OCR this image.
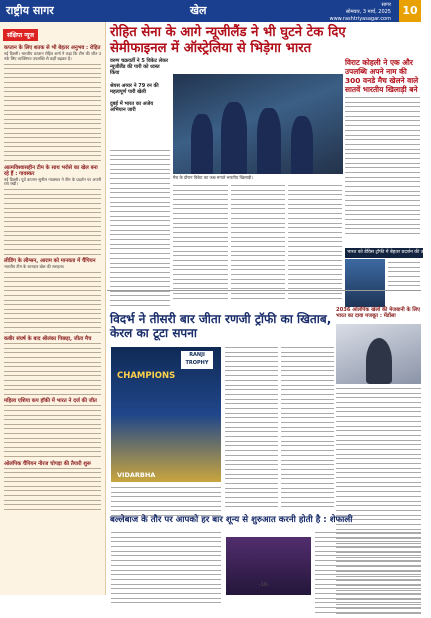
राष्ट्रीय सागर	खेल	सागर
सोमवार, 3 मार्च, 2025
www.rashtriyasagar.com
10
संक्षिप्त न्यूज
कप्तान के लिए शतक से भी बेहतर अनुभव : रोहित
नई दिल्ली। भारतीय कप्तान रोहित शर्मा ने कहा कि टीम की जीत उनके लिए व्यक्तिगत उपलब्धि से कहीं बढ़कर है।
आत्मविश्वासहीन टीम के साथ भरोसे का खेल बना रहे हैं : गावस्कर
नई दिल्ली। पूर्व कप्तान सुनील गावस्कर ने टीम के प्रदर्शन पर अपनी राय रखी।
लीडिंग के लीग्सन, आराम को मानवता में चैंपियन
भारतीय टीम के शानदार खेल की सराहना।
कबीर संघर्ष के बाद श्रीलंका पिछड़ा, जीता मैच
महिला एशिया कप हॉकी में भारत ने दर्ज की जीत
ओलंपिक चैंपियन नीरज चोपड़ा की तैयारी शुरू
रोहित सेना के आगे न्यूजीलैंड ने भी घुटने टेक दिए
सेमीफाइनल में ऑस्ट्रेलिया से भिड़ेगा भारत
वरुण चक्रवर्ती ने 5 विकेट लेकर न्यूजीलैंड की पारी को ध्वस्त किया
श्रेयस अय्यर ने 79 रन की महत्वपूर्ण पारी खेली
दुबई में भारत का अजेय अभियान जारी
मैच के दौरान विकेट का जश्न मनाते भारतीय खिलाड़ी।
विराट कोहली ने एक और उपलब्धि अपने नाम की 300 वनडे मैच खेलने वाले सातवें भारतीय खिलाड़ी बने
भारत को डेविस ट्रॉफी में बेहतर प्रदर्शन की उम्मीद
विदर्भ ने तीसरी बार जीता रणजी ट्रॉफी का खिताब, केरल का टूटा सपना
RANJI TROPHY
CHAMPIONS
VIDARBHA
2036 ओलंपिक खेलों की मेजबानी के लिए भारत का दावा मजबूत : मेंडोंसा
बल्लेबाज के तौर पर आपको हर बार शून्य से शुरुआत करनी होती है : शेफाली
-10-
